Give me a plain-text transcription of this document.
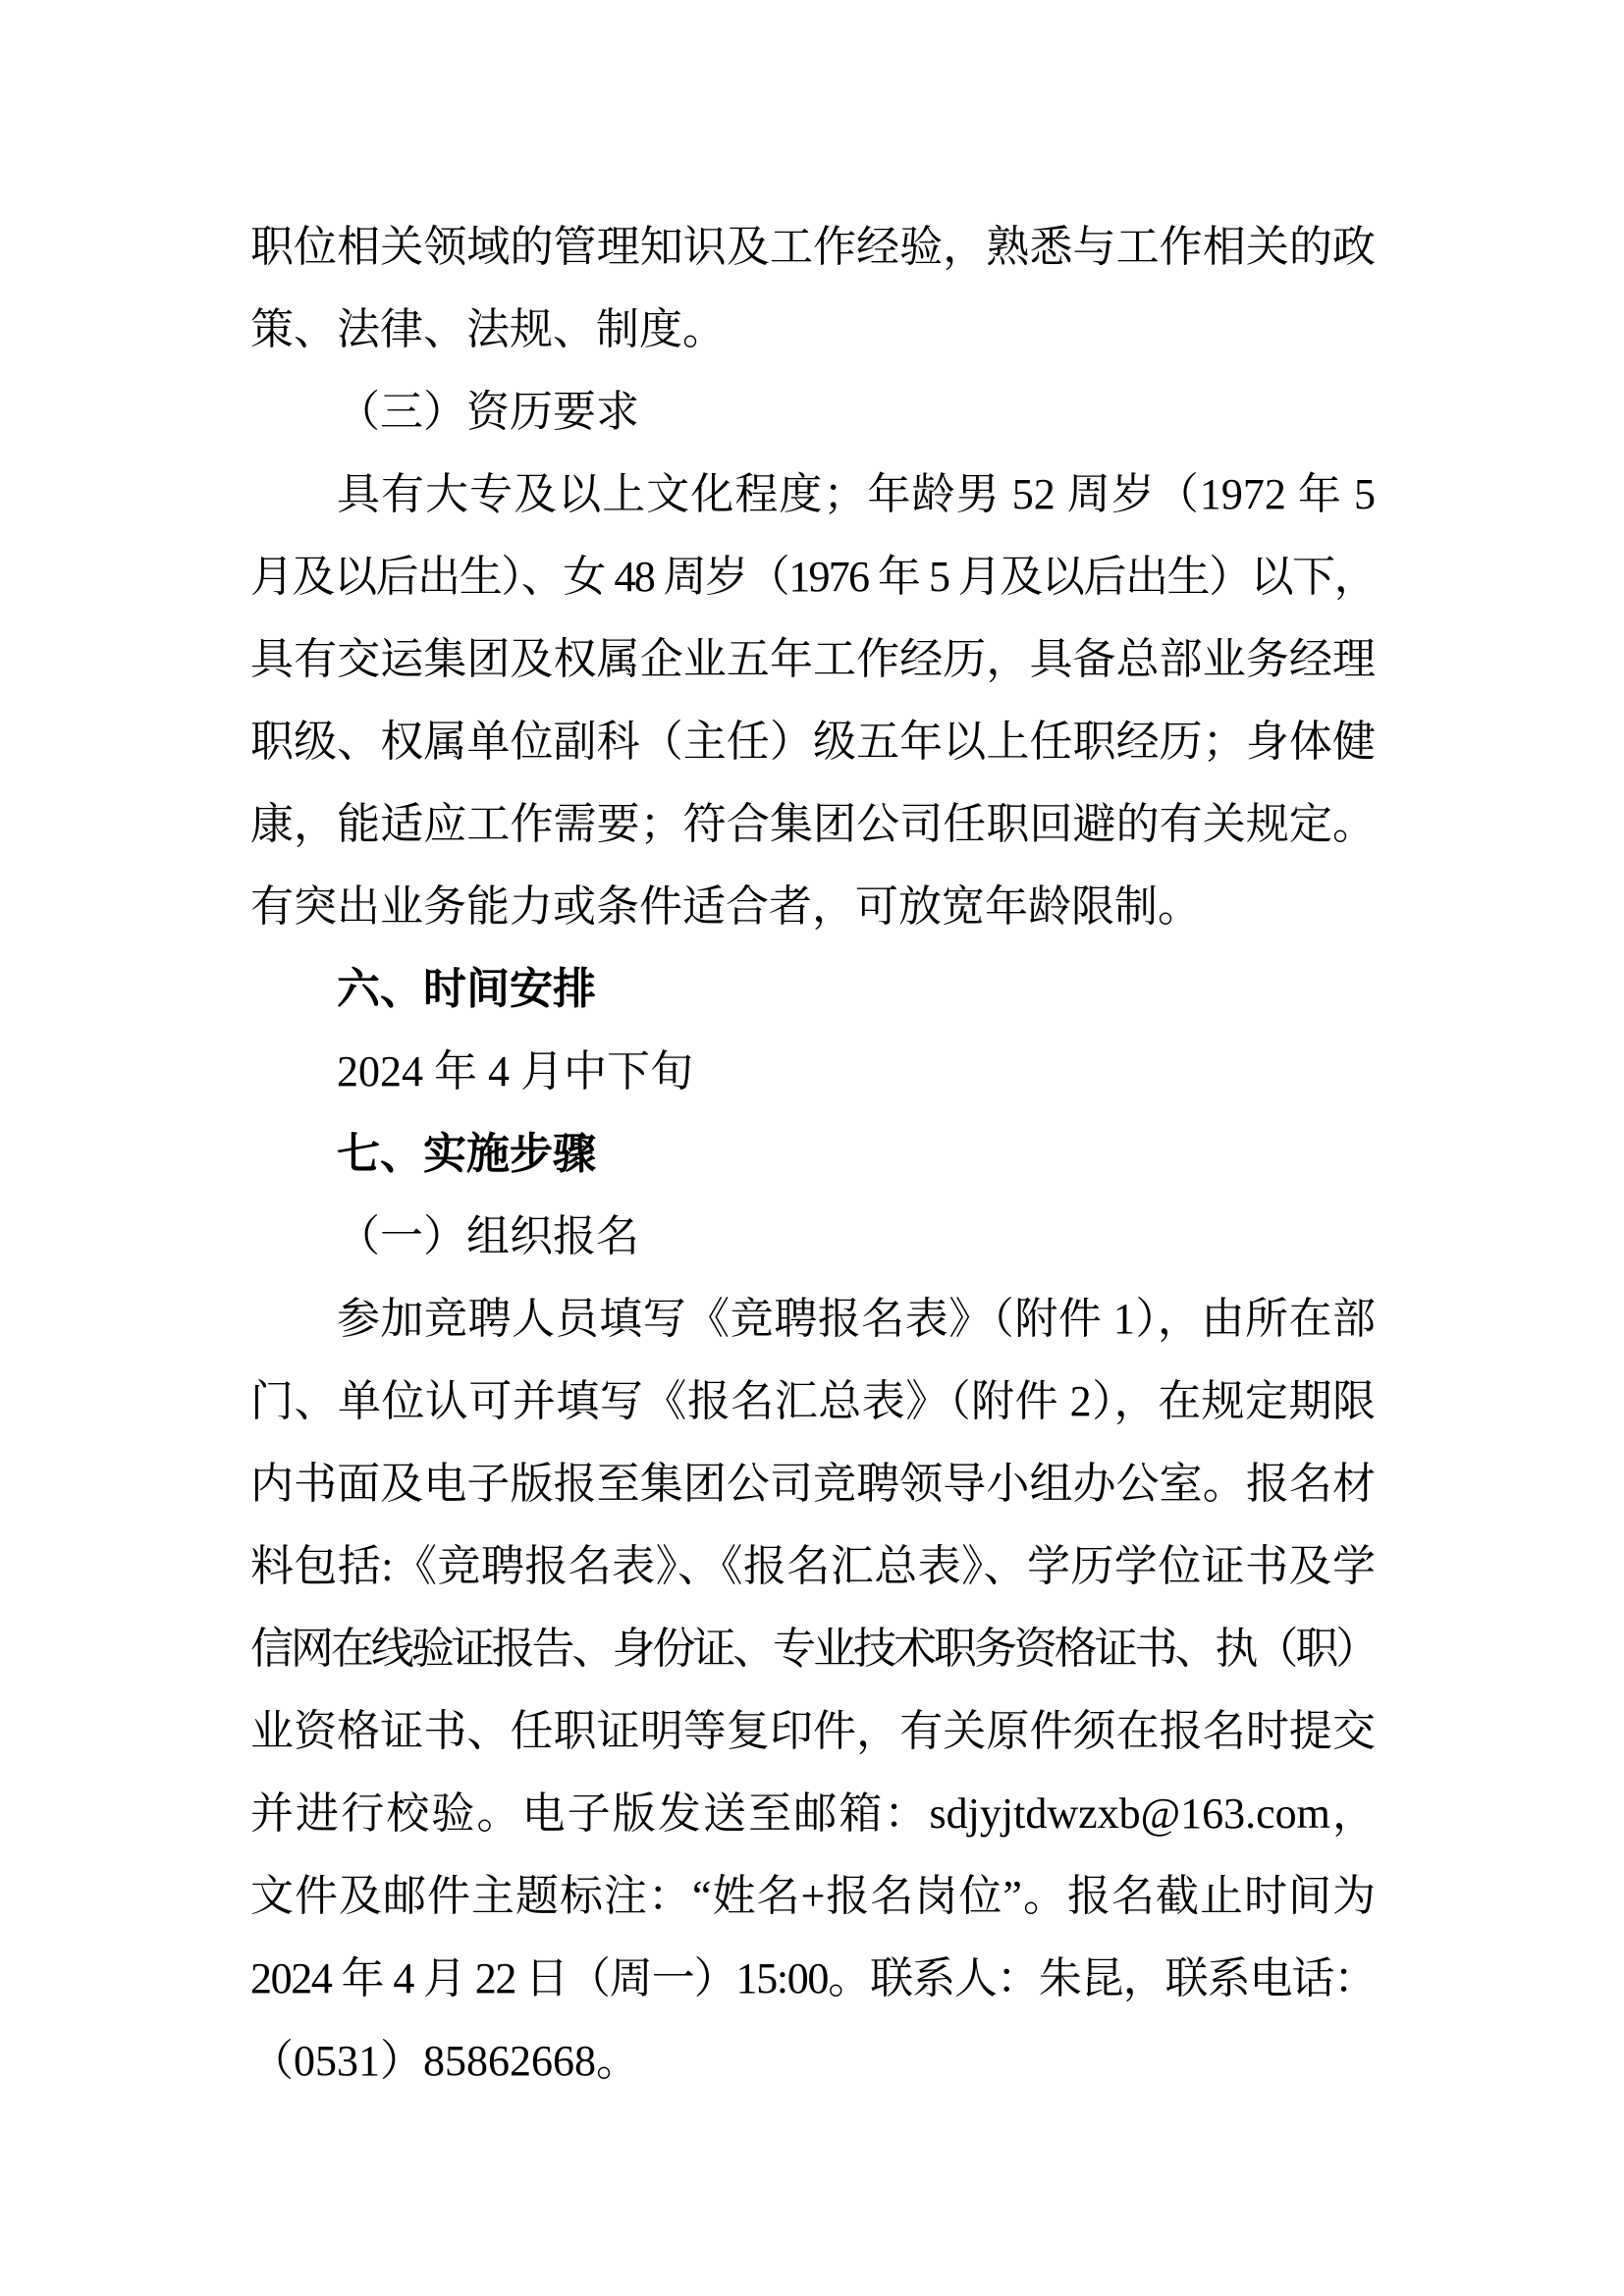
职位相关领域的管理知识及工作经验，熟悉与工作相关的政
策、法律、法规、制度。
（三）资历要求
具有大专及以上文化程度；年龄男 52 周岁（1972 年 5
月及以后出生）、女 48 周岁（1976 年 5 月及以后出生）以下，
具有交运集团及权属企业五年工作经历，具备总部业务经理
职级、权属单位副科（主任）级五年以上任职经历；身体健
康，能适应工作需要；符合集团公司任职回避的有关规定。
有突出业务能力或条件适合者，可放宽年龄限制。
六、时间安排
2024 年 4 月中下旬
七、实施步骤
（一）组织报名
参加竞聘人员填写《竞聘报名表》（附件 1），由所在部
门、单位认可并填写《报名汇总表》（附件 2），在规定期限
内书面及电子版报至集团公司竞聘领导小组办公室。报名材
料包括:《竞聘报名表》、《报名汇总表》、学历学位证书及学
信网在线验证报告、身份证、专业技术职务资格证书、执（职）
业资格证书、任职证明等复印件，有关原件须在报名时提交
并进行校验。电子版发送至邮箱：sdjyjtdwzxb@163.com，
文件及邮件主题标注：“姓名+报名岗位”。报名截止时间为
2024 年 4 月 22 日（周一）15:00。联系人：朱昆，联系电话：
（0531）85862668。
